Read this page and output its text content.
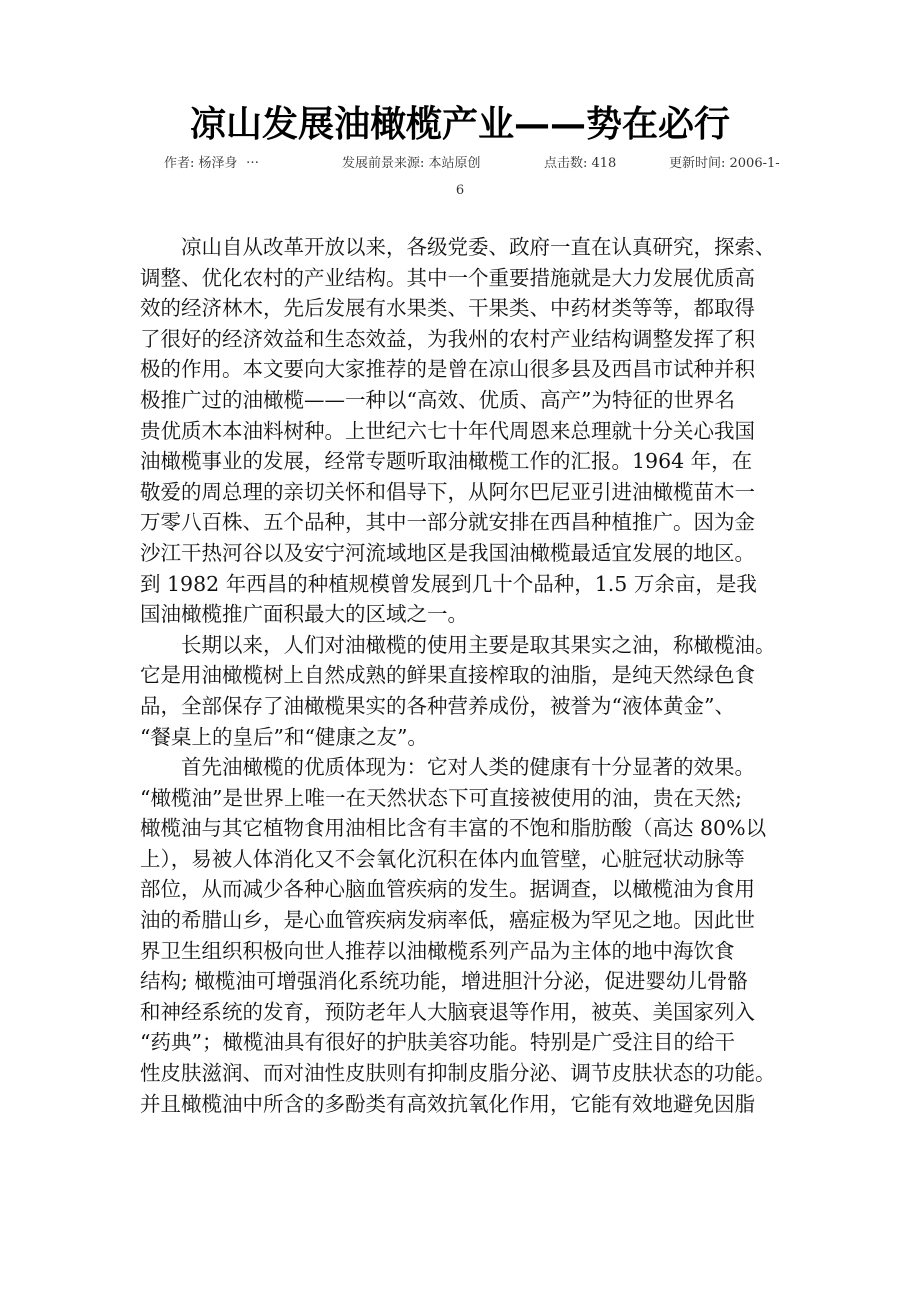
凉山发展油橄榄产业——势在必行
作者: 杨泽身 …	发展前景来源: 本站原创	点击数: 418	更新时间: 2006-1-
6
凉山自从改革开放以来，各级党委、政府一直在认真研究，探索、
调整、优化农村的产业结构。其中一个重要措施就是大力发展优质高
效的经济林木，先后发展有水果类、干果类、中药材类等等，都取得
了很好的经济效益和生态效益，为我州的农村产业结构调整发挥了积
极的作用。本文要向大家推荐的是曾在凉山很多县及西昌市试种并积
极推广过的油橄榄——一种以“高效、优质、高产”为特征的世界名
贵优质木本油料树种。上世纪六七十年代周恩来总理就十分关心我国
油橄榄事业的发展，经常专题听取油橄榄工作的汇报。1964 年，在
敬爱的周总理的亲切关怀和倡导下，从阿尔巴尼亚引进油橄榄苗木一
万零八百株、五个品种，其中一部分就安排在西昌种植推广。因为金
沙江干热河谷以及安宁河流域地区是我国油橄榄最适宜发展的地区。
到 1982 年西昌的种植规模曾发展到几十个品种，1.5 万余亩，是我
国油橄榄推广面积最大的区域之一。
长期以来，人们对油橄榄的使用主要是取其果实之油，称橄榄油。
它是用油橄榄树上自然成熟的鲜果直接榨取的油脂，是纯天然绿色食
品，全部保存了油橄榄果实的各种营养成份，被誉为“液体黄金”、
“餐桌上的皇后”和“健康之友”。
首先油橄榄的优质体现为：它对人类的健康有十分显著的效果。
“橄榄油”是世界上唯一在天然状态下可直接被使用的油，贵在天然;
橄榄油与其它植物食用油相比含有丰富的不饱和脂肪酸（高达 80%以
上），易被人体消化又不会氧化沉积在体内血管壁，心脏冠状动脉等
部位，从而减少各种心脑血管疾病的发生。据调查，以橄榄油为食用
油的希腊山乡，是心血管疾病发病率低，癌症极为罕见之地。因此世
界卫生组织积极向世人推荐以油橄榄系列产品为主体的地中海饮食
结构; 橄榄油可增强消化系统功能，增进胆汁分泌，促进婴幼儿骨骼
和神经系统的发育，预防老年人大脑衰退等作用，被英、美国家列入
“药典”；橄榄油具有很好的护肤美容功能。特别是广受注目的给干
性皮肤滋润、而对油性皮肤则有抑制皮脂分泌、调节皮肤状态的功能。
并且橄榄油中所含的多酚类有高效抗氧化作用，它能有效地避免因脂
